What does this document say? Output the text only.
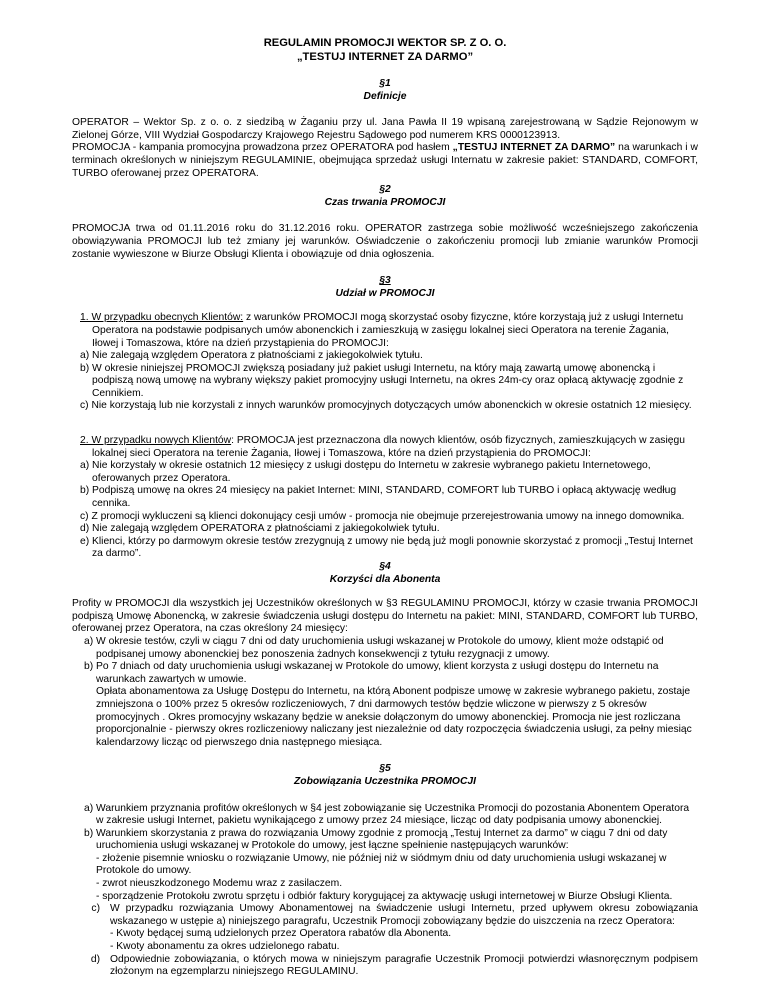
REGULAMIN PROMOCJI WEKTOR SP. Z O. O.
„TESTUJ INTERNET ZA DARMO”
§1
Definicje

OPERATOR – Wektor Sp. z o. o. z siedzibą w Żaganiu przy ul. Jana Pawła II 19 wpisaną zarejestrowaną w Sądzie Rejonowym w Zielonej Górze, VIII Wydział Gospodarczy Krajowego Rejestru Sądowego pod numerem KRS 0000123913.

PROMOCJA - kampania promocyjna prowadzona przez OPERATORA pod hasłem „TESTUJ INTERNET ZA DARMO” na warunkach i w terminach określonych w niniejszym REGULAMINIE, obejmująca sprzedaż usługi Internatu w zakresie pakiet: STANDARD, COMFORT, TURBO oferowanej przez OPERATORA.

§2
Czas trwania PROMOCJI

PROMOCJA trwa od 01.11.2016 roku do 31.12.2016 roku. OPERATOR zastrzega sobie możliwość wcześniejszego zakończenia obowiązywania PROMOCJI lub też zmiany jej warunków. Oświadczenie o zakończeniu promocji lub zmianie warunków Promocji zostanie wywieszone w Biurze Obsługi Klienta i obowiązuje od dnia ogłoszenia.

§3
Udział w PROMOCJI

1. W przypadku obecnych Klientów: z warunków PROMOCJI mogą skorzystać osoby fizyczne, które korzystają już z usługi Internetu Operatora na podstawie podpisanych umów abonenckich i zamieszkują w zasięgu lokalnej sieci Operatora na terenie Żagania, Iłowej i Tomaszowa, które na dzień przystąpienia do PROMOCJI:

a) Nie zalegają względem Operatora z płatnościami z jakiegokolwiek tytułu.

b) W okresie niniejszej PROMOCJI zwiększą posiadany już pakiet usługi Internetu, na który mają zawartą umowę abonencką i podpiszą nową umowę na wybrany większy pakiet promocyjny usługi Internetu, na okres 24m-cy oraz opłacą aktywację zgodnie z Cennikiem.

c) Nie korzystają lub nie korzystali z innych warunków promocyjnych dotyczących umów abonenckich w okresie ostatnich 12 miesięcy.

2. W przypadku nowych Klientów: PROMOCJA jest przeznaczona dla nowych klientów, osób fizycznych, zamieszkujących w zasięgu lokalnej sieci Operatora na terenie Żagania, Iłowej i Tomaszowa, które na dzień przystąpienia do PROMOCJI:

a) Nie korzystały w okresie ostatnich 12 miesięcy z usługi dostępu do Internetu w zakresie wybranego pakietu Internetowego, oferowanych przez Operatora.

b) Podpiszą umowę na okres 24 miesięcy na pakiet Internet: MINI, STANDARD, COMFORT lub TURBO i opłacą aktywację według cennika.

c) Z promocji wykluczeni są klienci dokonujący cesji umów - promocja nie obejmuje przerejestrowania umowy na innego domownika.

d) Nie zalegają względem OPERATORA z płatnościami z jakiegokolwiek tytułu.

e) Klienci, którzy po darmowym okresie testów zrezygnują z umowy nie będą już mogli ponownie skorzystać z promocji „Testuj Internet za darmo”.

§4
Korzyści dla Abonenta

Profity w PROMOCJI dla wszystkich jej Uczestników określonych w §3 REGULAMINU PROMOCJI, którzy w czasie trwania PROMOCJI podpiszą Umowę Abonencką, w zakresie świadczenia usługi dostępu do Internetu na pakiet: MINI, STANDARD, COMFORT lub TURBO, oferowanej przez Operatora, na czas określony 24 miesięcy:

a) W okresie testów, czyli w ciągu 7 dni od daty uruchomienia usługi wskazanej w Protokole do umowy, klient może odstąpić od podpisanej umowy abonenckiej bez ponoszenia żadnych konsekwencji z tytułu rezygnacji z umowy.

b) Po 7 dniach od daty uruchomienia usługi wskazanej w Protokole do umowy, klient korzysta z usługi dostępu do Internetu na warunkach zawartych w umowie.

Opłata abonamentowa za Usługę Dostępu do Internetu, na którą Abonent podpisze umowę w zakresie wybranego pakietu, zostaje zmniejszona o 100% przez 5 okresów rozliczeniowych, 7 dni darmowych testów będzie wliczone w pierwszy z 5 okresów promocyjnych . Okres promocyjny wskazany będzie w aneksie dołączonym do umowy abonenckiej. Promocja nie jest rozliczana proporcjonalnie - pierwszy okres rozliczeniowy naliczany jest niezależnie od daty rozpoczęcia świadczenia usługi, za pełny miesiąc kalendarzowy licząc od pierwszego dnia następnego miesiąca.

§5
Zobowiązania Uczestnika PROMOCJI

a) Warunkiem przyznania profitów określonych w §4 jest zobowiązanie się Uczestnika Promocji do pozostania Abonentem Operatora w zakresie usługi Internet, pakietu wynikającego z umowy przez 24 miesiące, licząc od daty podpisania umowy abonenckiej.

b) Warunkiem skorzystania z prawa do rozwiązania Umowy zgodnie z promocją „Testuj Internet za darmo” w ciągu 7 dni od daty uruchomienia usługi wskazanej w Protokole do umowy, jest łączne spełnienie następujących warunków:

- złożenie pisemnie wniosku o rozwiązanie Umowy, nie później niż w siódmym dniu od daty uruchomienia usługi wskazanej w Protokole do umowy.

- zwrot nieuszkodzonego Modemu wraz z zasilaczem.

- sporządzenie Protokołu zwrotu sprzętu i odbiór faktury korygującej za aktywację usługi internetowej w Biurze Obsługi Klienta.

c) W przypadku rozwiązania Umowy Abonamentowej na świadczenie usługi Internetu, przed upływem okresu zobowiązania wskazanego w ustępie a) niniejszego paragrafu, Uczestnik Promocji zobowiązany będzie do uiszczenia na rzecz Operatora:

- Kwoty będącej sumą udzielonych przez Operatora rabatów dla Abonenta.

- Kwoty abonamentu za okres udzielonego rabatu.

d) Odpowiednie zobowiązania, o których mowa w niniejszym paragrafie Uczestnik Promocji potwierdzi własnoręcznym podpisem złożonym na egzemplarzu niniejszego REGULAMINU.
